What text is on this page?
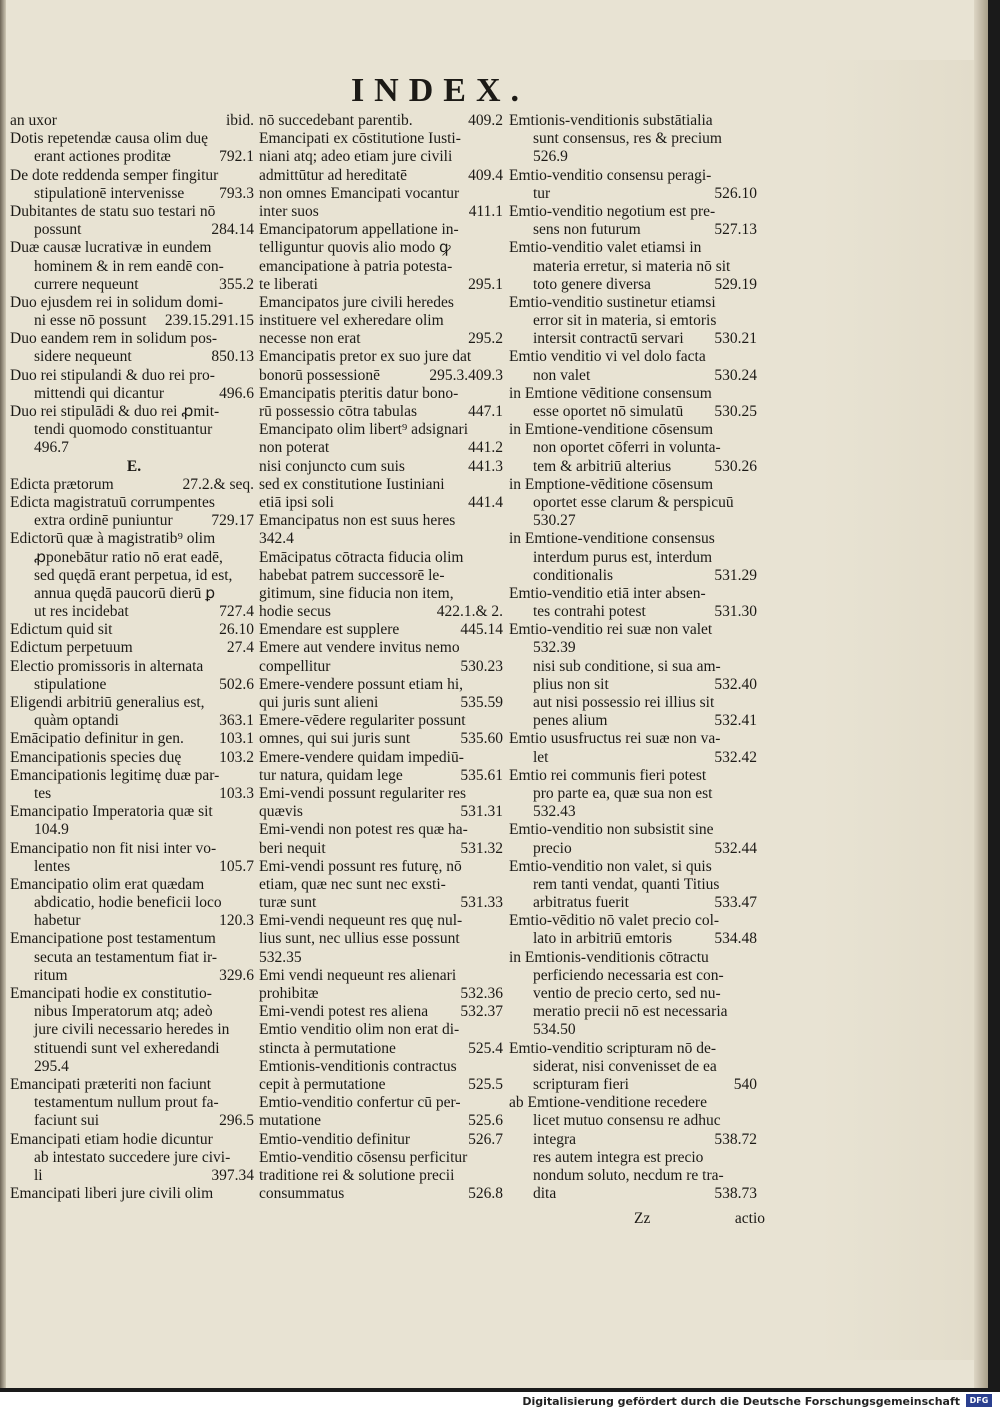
INDEX.
ibid.
an uxor
Dotis repetendæ causa olim duę
792.1
erant actiones proditæ
De dote reddenda semper fingitur
793.3
stipulationē intervenisse
Dubitantes de statu suo testari nō
284.14
possunt
Duæ causæ lucrativæ in eundem
hominem & in rem eandē con-
355.2
currere nequeunt
Duo ejusdem rei in solidum domi-
239.15.291.15
ni esse nō possunt
Duo eandem rem in solidum pos-
850.13
sidere nequeunt
Duo rei stipulandi & duo rei pro-
496.6
mittendi qui dicantur
Duo rei stipulādi & duo rei ꝓmit-
tendi quomodo constituantur
496.7
E.
27.2.& seq.
Edicta prætorum
Edicta magistratuū corrumpentes
729.17
extra ordinē puniuntur
Edictorū quæ à magistratib⁹ olim
ꝓponebātur ratio nō erat eadē,
sed quędā erant perpetua, id est,
annua quędā paucorū dierū ꝑ
727.4
ut res incidebat
26.10
Edictum quid sit
27.4
Edictum perpetuum
Electio promissoris in alternata
502.6
stipulatione
Eligendi arbitriū generalius est,
363.1
quàm optandi
103.1
Emācipatio definitur in gen.
103.2
Emancipationis species duę
Emancipationis legitimę duæ par-
103.3
tes
Emancipatio Imperatoria quæ sit
104.9
Emancipatio non fit nisi inter vo-
105.7
lentes
Emancipatio olim erat quædam
abdicatio, hodie beneficii loco
120.3
habetur
Emancipatione post testamentum
secuta an testamentum fiat ir-
329.6
ritum
Emancipati hodie ex constitutio-
nibus Imperatorum atq; adeò
jure civili necessario heredes in
stituendi sunt vel exheredandi
295.4
Emancipati præteriti non faciunt
testamentum nullum prout fa-
296.5
faciunt sui
Emancipati etiam hodie dicuntur
ab intestato succedere jure civi-
397.34
li
Emancipati liberi jure civili olim
409.2
nō succedebant parentib.
Emancipati ex cōstitutione Iusti-
niani atq; adeo etiam jure civili
409.4
admittūtur ad hereditatē
non omnes Emancipati vocantur
411.1
inter suos
Emancipatorum appellatione in-
telliguntur quovis alio modo ꝙ
emancipatione à patria potesta-
295.1
te liberati
Emancipatos jure civili heredes
instituere vel exheredare olim
295.2
necesse non erat
Emancipatis pretor ex suo jure dat
295.3.409.3
bonorū possessionē
Emancipatis pteritis datur bono-
447.1
rū possessio cōtra tabulas
Emancipato olim libert⁹ adsignari
441.2
non poterat
441.3
nisi conjuncto cum suis
sed ex constitutione Iustiniani
441.4
etiā ipsi soli
Emancipatus non est suus heres
342.4
Emācipatus cōtracta fiducia olim
habebat patrem successorē le-
gitimum, sine fiducia non item,
422.1.& 2.
hodie secus
445.14
Emendare est supplere
Emere aut vendere invitus nemo
530.23
compellitur
Emere-vendere possunt etiam hi,
535.59
qui juris sunt alieni
Emere-vēdere regulariter possunt
535.60
omnes, qui sui juris sunt
Emere-vendere quidam impediū-
535.61
tur natura, quidam lege
Emi-vendi possunt regulariter res
531.31
quævis
Emi-vendi non potest res quæ ha-
531.32
beri nequit
Emi-vendi possunt res futurę, nō
etiam, quæ nec sunt nec exsti-
531.33
turæ sunt
Emi-vendi nequeunt res quę nul-
lius sunt, nec ullius esse possunt
532.35
Emi vendi nequeunt res alienari
532.36
prohibitæ
532.37
Emi-vendi potest res aliena
Emtio venditio olim non erat di-
525.4
stincta à permutatione
Emtionis-venditionis contractus
525.5
cepit à permutatione
Emtio-venditio confertur cū per-
525.6
mutatione
526.7
Emtio-venditio definitur
Emtio-venditio cōsensu perficitur
traditione rei & solutione precii
526.8
consummatus
Emtionis-venditionis substātialia
sunt consensus, res & precium
526.9
Emtio-venditio consensu peragi-
526.10
tur
Emtio-venditio negotium est pre-
527.13
sens non futurum
Emtio-venditio valet etiamsi in
materia erretur, si materia nō sit
529.19
toto genere diversa
Emtio-venditio sustinetur etiamsi
error sit in materia, si emtoris
530.21
intersit contractū servari
Emtio venditio vi vel dolo facta
530.24
non valet
in Emtione vēditione consensum
530.25
esse oportet nō simulatū
in Emtione-venditione cōsensum
non oportet cōferri in volunta-
530.26
tem & arbitriū alterius
in Emptione-vēditione cōsensum
oportet esse clarum & perspicuū
530.27
in Emtione-venditione consensus
interdum purus est, interdum
531.29
conditionalis
Emtio-venditio etiā inter absen-
531.30
tes contrahi potest
Emtio-venditio rei suæ non valet
532.39
nisi sub conditione, si sua am-
532.40
plius non sit
aut nisi possessio rei illius sit
532.41
penes alium
Emtio ususfructus rei suæ non va-
532.42
let
Emtio rei communis fieri potest
pro parte ea, quæ sua non est
532.43
Emtio-venditio non subsistit sine
532.44
precio
Emtio-venditio non valet, si quis
rem tanti vendat, quanti Titius
533.47
arbitratus fuerit
Emtio-vēditio nō valet precio col-
534.48
lato in arbitriū emtoris
in Emtionis-venditionis cōtractu
perficiendo necessaria est con-
ventio de precio certo, sed nu-
meratio precii nō est necessaria
534.50
Emtio-venditio scripturam nō de-
siderat, nisi convenisset de ea
540
scripturam fieri
ab Emtione-venditione recedere
licet mutuo consensu re adhuc
538.72
integra
res autem integra est precio
nondum soluto, necdum re tra-
538.73
dita
Zz	actio
Digitalisierung gefördert durch die Deutsche Forschungsgemeinschaft	DFG
